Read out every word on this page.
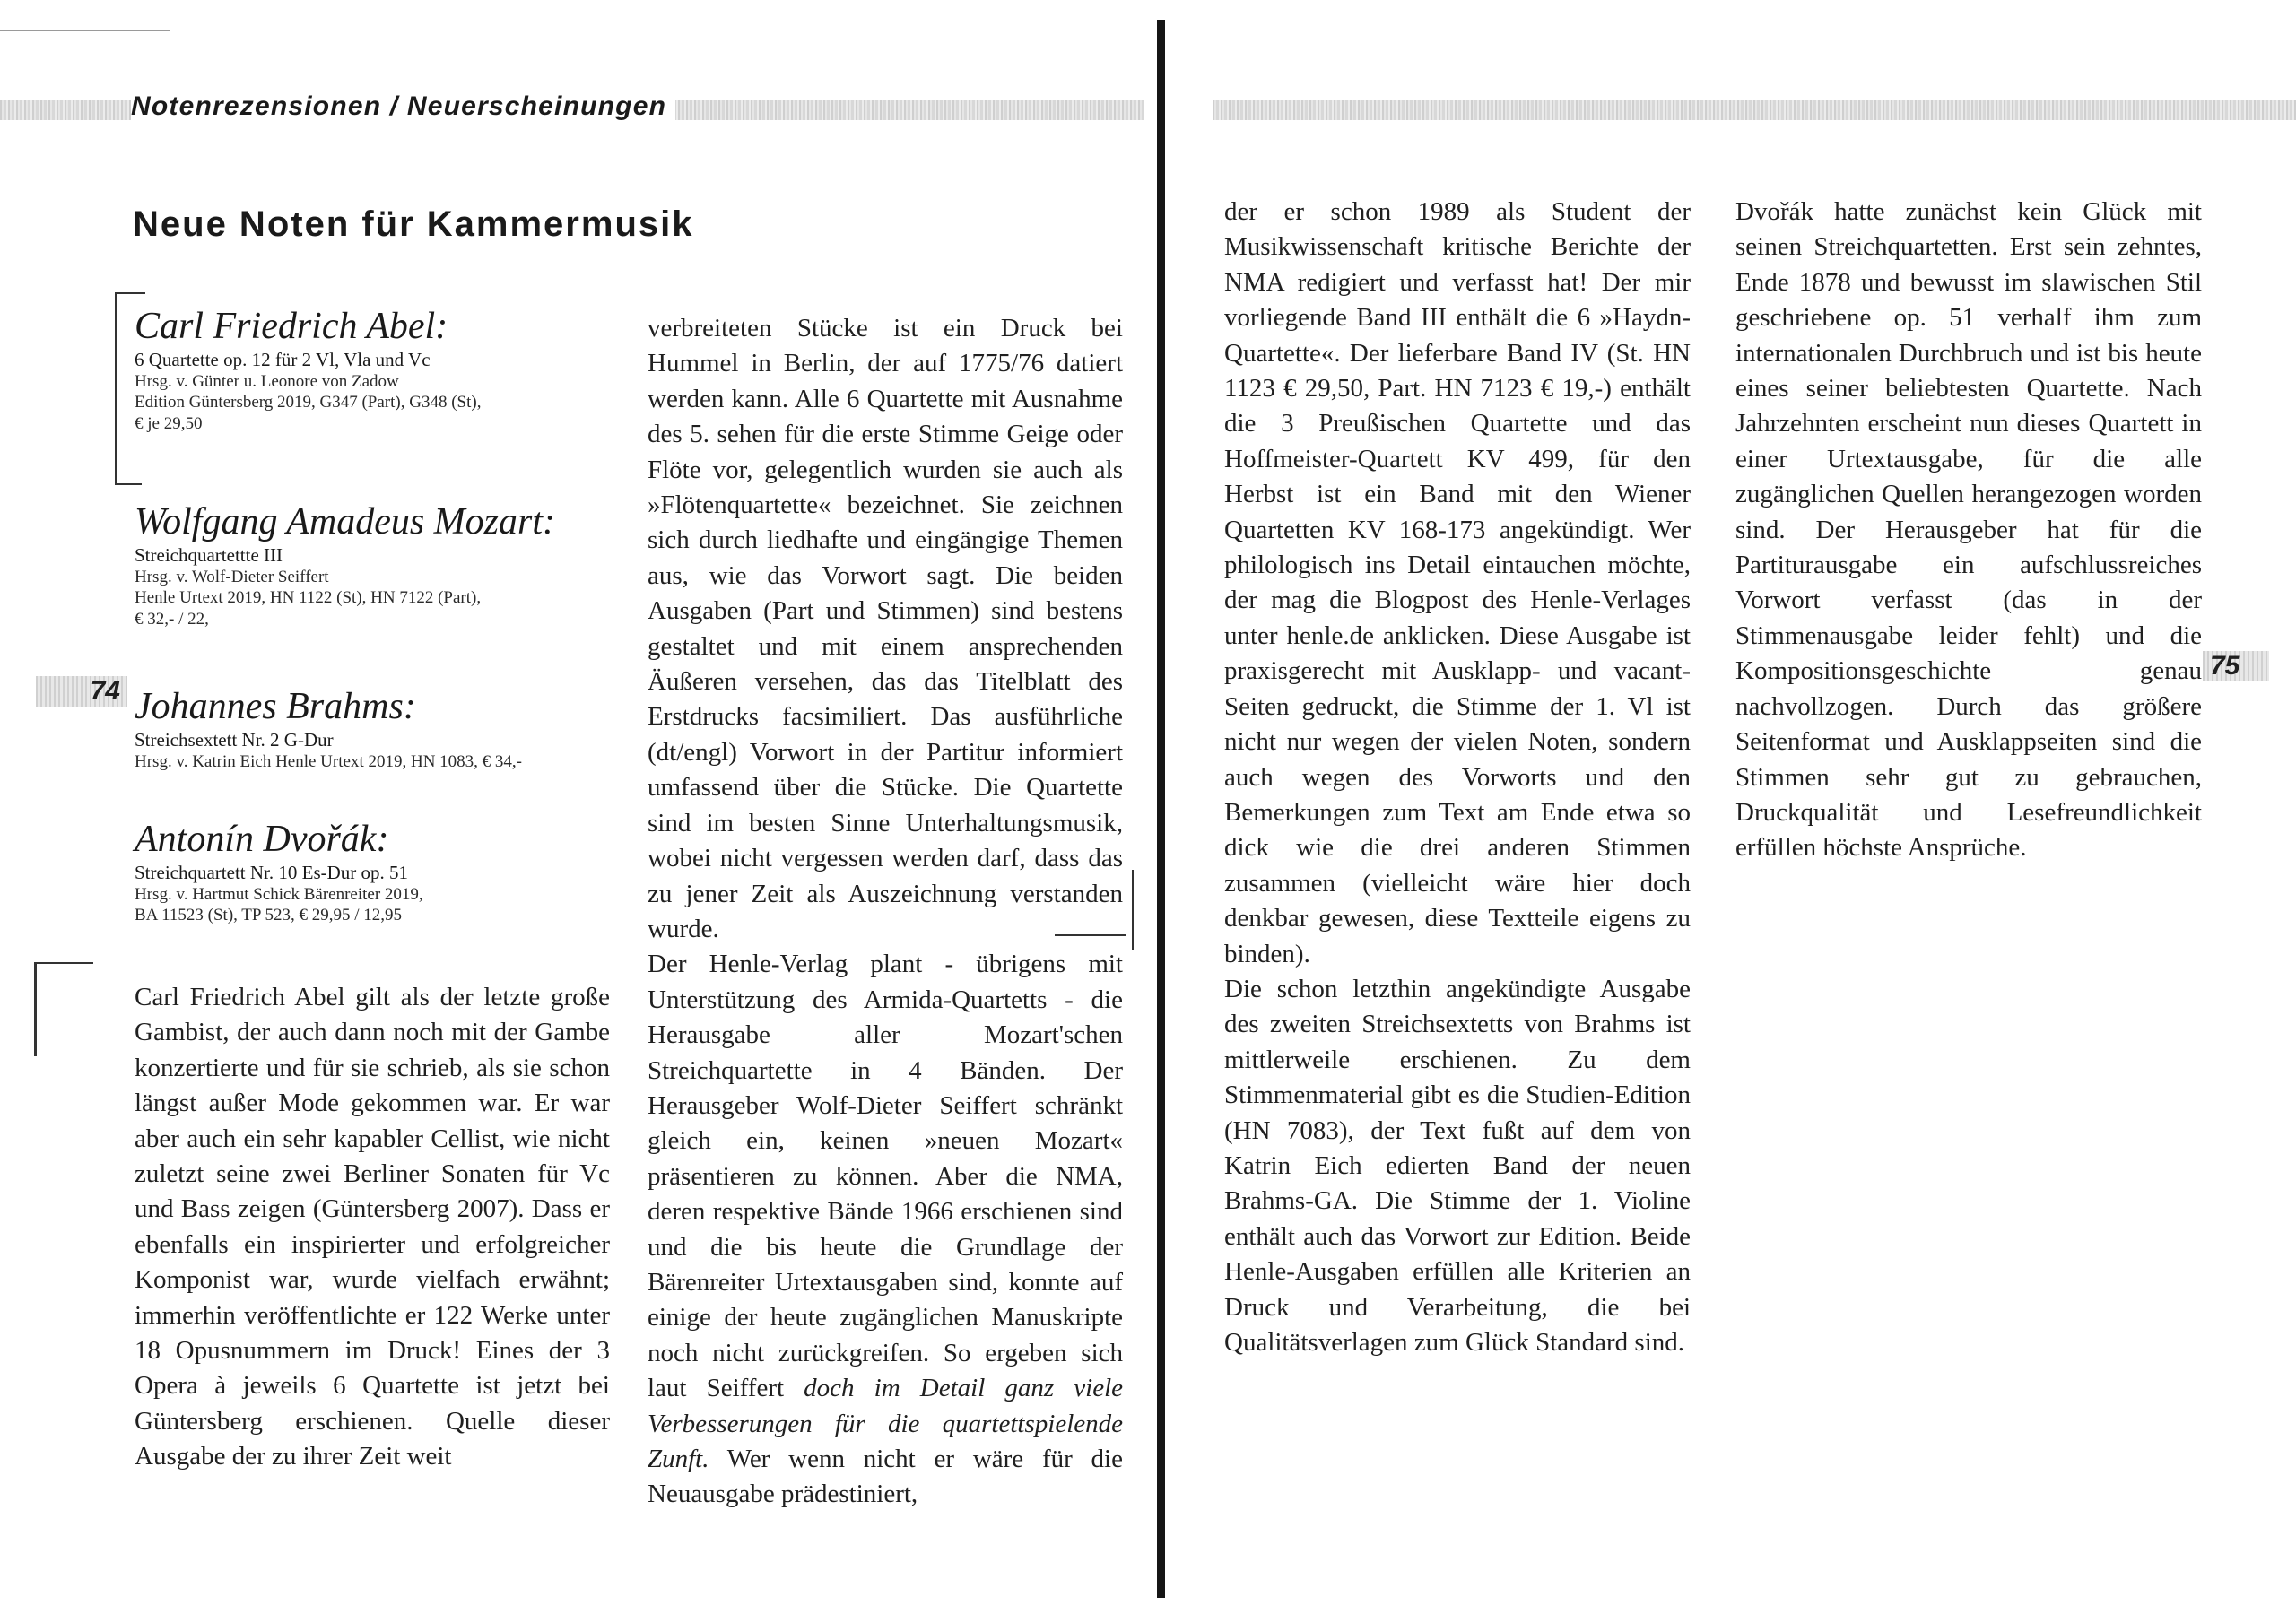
Notenrezensionen / Neuerscheinungen
Neue Noten für Kammermusik
Carl Friedrich Abel:
6 Quartette op. 12 für 2 Vl, Vla und Vc
Hrsg. v. Günter u. Leonore von Zadow
Edition Güntersberg 2019, G347 (Part), G348 (St),
€ je 29,50
Wolfgang Amadeus Mozart:
Streichquartettte III
Hrsg. v. Wolf-Dieter Seiffert
Henle Urtext 2019, HN 1122 (St), HN 7122 (Part),
€ 32,- / 22,
Johannes Brahms:
Streichsextett Nr. 2 G-Dur
Hrsg. v. Katrin Eich Henle Urtext 2019, HN 1083, € 34,-
Antonín Dvořák:
Streichquartett Nr. 10 Es-Dur op. 51
Hrsg. v. Hartmut Schick Bärenreiter 2019,
BA 11523 (St), TP 523, € 29,95 / 12,95
74
75

Carl Friedrich Abel gilt als der letzte große Gambist, der auch dann noch mit der Gambe konzertierte und für sie schrieb, als sie schon längst außer Mode gekommen war. Er war aber auch ein sehr kapabler Cellist, wie nicht zuletzt seine zwei Berliner Sonaten für Vc und Bass zeigen (Güntersberg 2007). Dass er ebenfalls ein inspirierter und erfolgreicher Komponist war, wurde vielfach erwähnt; immerhin veröffentlichte er 122 Werke unter 18 Opusnummern im Druck! Eines der 3 Opera à jeweils 6 Quartette ist jetzt bei Güntersberg erschienen. Quelle dieser Ausgabe der zu ihrer Zeit weit

verbreiteten Stücke ist ein Druck bei Hummel in Berlin, der auf 1775/76 datiert werden kann. Alle 6 Quartette mit Ausnahme des 5. sehen für die erste Stimme Geige oder Flöte vor, gelegentlich wurden sie auch als »Flötenquartette« bezeichnet. Sie zeichnen sich durch liedhafte und eingängige Themen aus, wie das Vorwort sagt. Die beiden Ausgaben (Part und Stimmen) sind bestens gestaltet und mit einem ansprechenden Äußeren versehen, das das Titelblatt des Erstdrucks facsimiliert. Das ausführliche (dt/engl) Vorwort in der Partitur informiert umfassend über die Stücke. Die Quartette sind im besten Sinne Unterhaltungsmusik, wobei nicht vergessen werden darf, dass das zu jener Zeit als Auszeichnung verstanden wurde.

Der Henle-Verlag plant - übrigens mit Unterstützung des Armida-Quartetts - die Herausgabe aller Mozart'schen Streichquartette in 4 Bänden. Der Herausgeber Wolf-Dieter Seiffert schränkt gleich ein, keinen »neuen Mozart« präsentieren zu können. Aber die NMA, deren respektive Bände 1966 erschienen sind und die bis heute die Grundlage der Bärenreiter Urtextausgaben sind, konnte auf einige der heute zugänglichen Manuskripte noch nicht zurückgreifen. So ergeben sich laut Seiffert doch im Detail ganz viele Verbesserungen für die quartettspielende Zunft. Wer wenn nicht er wäre für die Neuausgabe prädestiniert,

der er schon 1989 als Student der Musikwissenschaft kritische Berichte der NMA redigiert und verfasst hat! Der mir vorliegende Band III enthält die 6 »Haydn-Quartette«. Der lieferbare Band IV (St. HN 1123 € 29,50, Part. HN 7123 € 19,-) enthält die 3 Preußischen Quartette und das Hoffmeister-Quartett KV 499, für den Herbst ist ein Band mit den Wiener Quartetten KV 168-173 angekündigt. Wer philologisch ins Detail eintauchen möchte, der mag die Blogpost des Henle-Verlages unter henle.de anklicken. Diese Ausgabe ist praxisgerecht mit Ausklapp- und vacant-Seiten gedruckt, die Stimme der 1. Vl ist nicht nur wegen der vielen Noten, sondern auch wegen des Vorworts und den Bemerkungen zum Text am Ende etwa so dick wie die drei anderen Stimmen zusammen (vielleicht wäre hier doch denkbar gewesen, diese Textteile eigens zu binden).

Die schon letzthin angekündigte Ausgabe des zweiten Streichsextetts von Brahms ist mittlerweile erschienen. Zu dem Stimmenmaterial gibt es die Studien-Edition (HN 7083), der Text fußt auf dem von Katrin Eich edierten Band der neuen Brahms-GA. Die Stimme der 1. Violine enthält auch das Vorwort zur Edition. Beide Henle-Ausgaben erfüllen alle Kriterien an Druck und Verarbeitung, die bei Qualitätsverlagen zum Glück Standard sind.

Dvořák hatte zunächst kein Glück mit seinen Streichquartetten. Erst sein zehntes, Ende 1878 und bewusst im slawischen Stil geschriebene op. 51 verhalf ihm zum internationalen Durchbruch und ist bis heute eines seiner beliebtesten Quartette. Nach Jahrzehnten erscheint nun dieses Quartett in einer Urtextausgabe, für die alle zugänglichen Quellen herangezogen worden sind. Der Herausgeber hat für die Partiturausgabe ein aufschlussreiches Vorwort verfasst (das in der Stimmenausgabe leider fehlt) und die Kompositionsgeschichte genau nachvollzogen. Durch das größere Seitenformat und Ausklappseiten sind die Stimmen sehr gut zu gebrauchen, Druckqualität und Lesefreundlichkeit erfüllen höchste Ansprüche.
